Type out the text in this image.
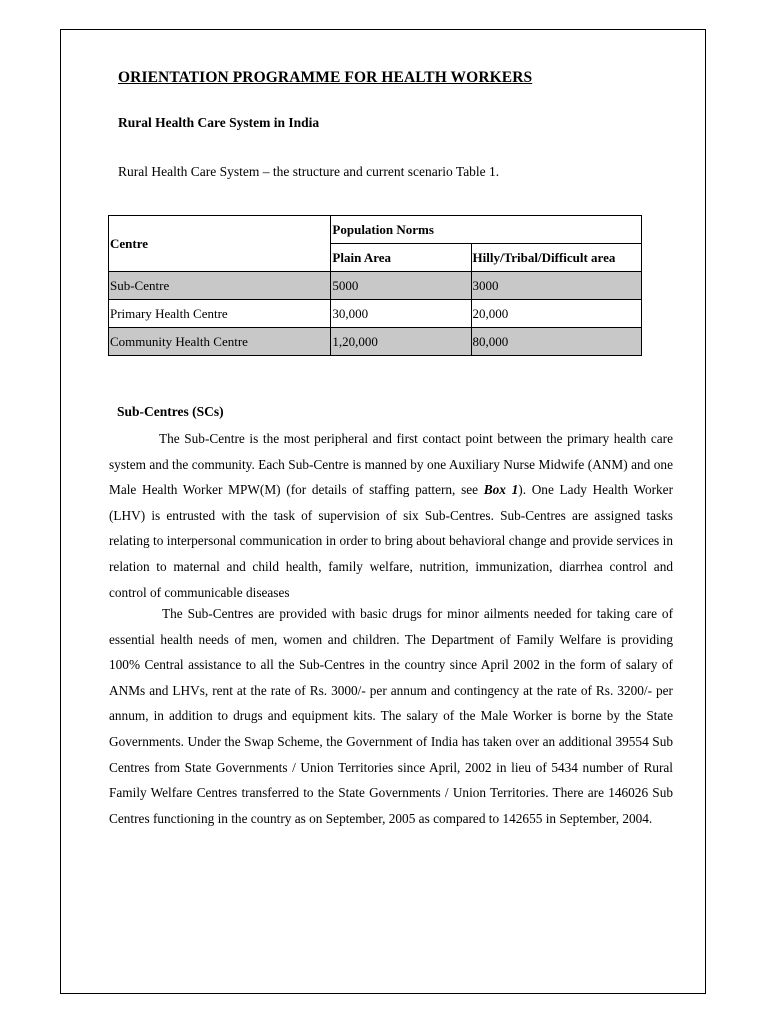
ORIENTATION PROGRAMME FOR HEALTH WORKERS
Rural Health Care System in India
Rural Health Care System – the structure and current scenario Table 1.
Centre	Population Norms	
	Plain Area	Hilly/Tribal/Difficult area
Sub-Centre	5000	3000
Primary Health Centre	30,000	20,000
Community Health Centre	1,20,000	80,000
Sub-Centres (SCs)

The Sub-Centre is the most peripheral and first contact point between the primary health care system and the community. Each Sub-Centre is manned by one Auxiliary Nurse Midwife (ANM) and one Male Health Worker MPW(M) (for details of staffing pattern, see Box 1). One Lady Health Worker (LHV) is entrusted with the task of supervision of six Sub-Centres. Sub-Centres are assigned tasks relating to interpersonal communication in order to bring about behavioral change and provide services in relation to maternal and child health, family welfare, nutrition, immunization, diarrhea control and control of communicable diseases

The Sub-Centres are provided with basic drugs for minor ailments needed for taking care of essential health needs of men, women and children. The Department of Family Welfare is providing 100% Central assistance to all the Sub-Centres in the country since April 2002 in the form of salary of ANMs and LHVs, rent at the rate of Rs. 3000/- per annum and contingency at the rate of Rs. 3200/- per annum, in addition to drugs and equipment kits. The salary of the Male Worker is borne by the State Governments. Under the Swap Scheme, the Government of India has taken over an additional 39554 Sub Centres from State Governments / Union Territories since April, 2002 in lieu of 5434 number of Rural Family Welfare Centres transferred to the State Governments / Union Territories. There are 146026 Sub Centres functioning in the country as on September, 2005 as compared to 142655 in September, 2004.
